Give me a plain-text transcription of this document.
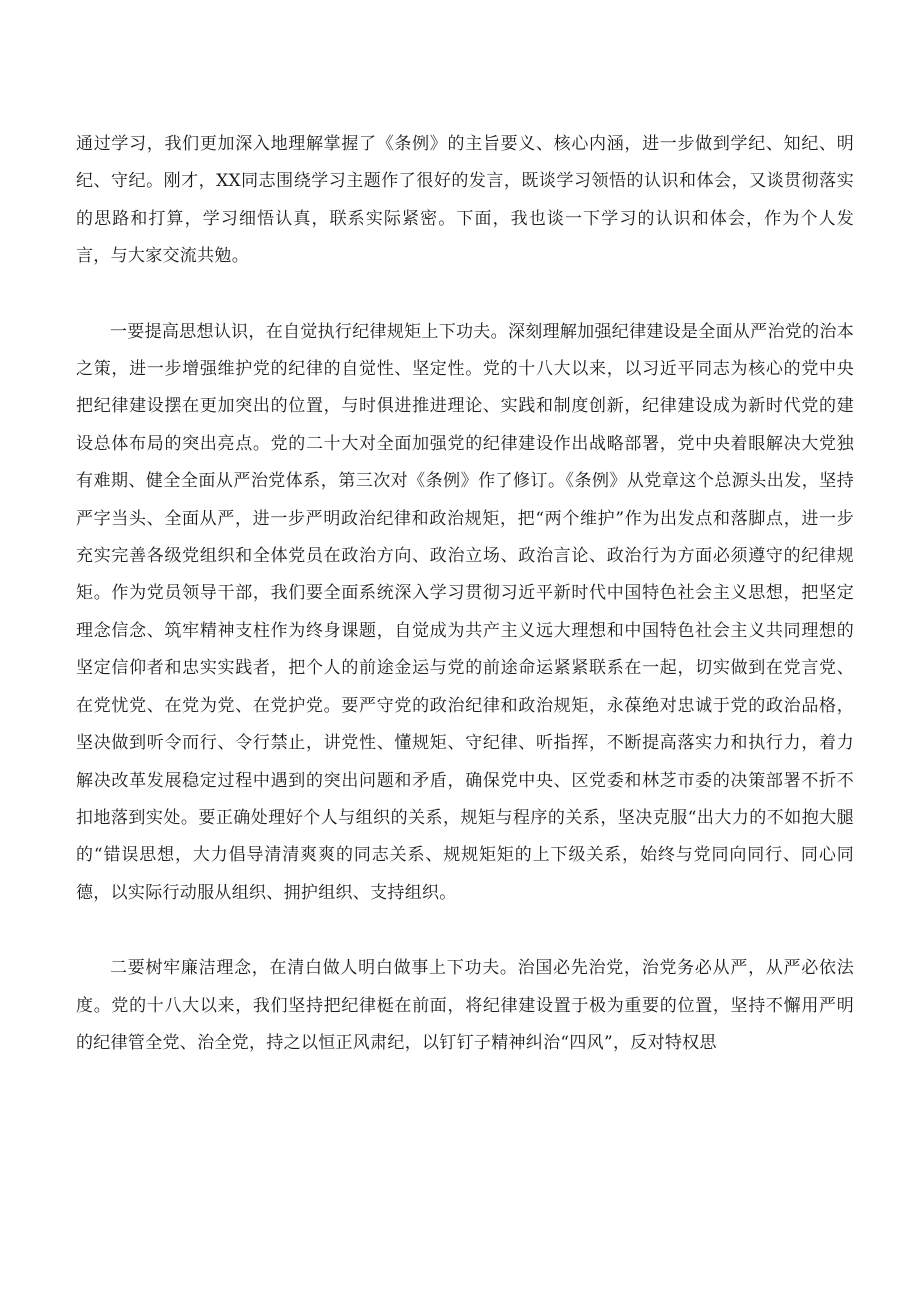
通过学习，我们更加深入地理解掌握了《条例》的主旨要义、核心内涵，进一步做到学纪、知纪、明纪、守纪。刚才，XX同志围绕学习主题作了很好的发言，既谈学习领悟的认识和体会，又谈贯彻落实的思路和打算，学习细悟认真，联系实际紧密。下面，我也谈一下学习的认识和体会，作为个人发言，与大家交流共勉。

一要提高思想认识，在自觉执行纪律规矩上下功夫。深刻理解加强纪律建设是全面从严治党的治本之策，进一步增强维护党的纪律的自觉性、坚定性。党的十八大以来，以习近平同志为核心的党中央把纪律建设摆在更加突出的位置，与时俱进推进理论、实践和制度创新，纪律建设成为新时代党的建设总体布局的突出亮点。党的二十大对全面加强党的纪律建设作出战略部署，党中央着眼解决大党独有难期、健全全面从严治党体系，第三次对《条例》作了修订。《条例》从党章这个总源头出发，坚持严字当头、全面从严，进一步严明政治纪律和政治规矩，把“两个维护”作为出发点和落脚点，进一步充实完善各级党组织和全体党员在政治方向、政治立场、政治言论、政治行为方面必须遵守的纪律规矩。作为党员领导干部，我们要全面系统深入学习贯彻习近平新时代中国特色社会主义思想，把坚定理念信念、筑牢精神支柱作为终身课题，自觉成为共产主义远大理想和中国特色社会主义共同理想的坚定信仰者和忠实实践者，把个人的前途金运与党的前途命运紧紧联系在一起，切实做到在党言党、在党忧党、在党为党、在党护党。要严守党的政治纪律和政治规矩，永葆绝对忠诚于党的政治品格，坚决做到听令而行、令行禁止，讲党性、懂规矩、守纪律、听指挥，不断提高落实力和执行力，着力解决改革发展稳定过程中遇到的突出问题和矛盾，确保党中央、区党委和林芝市委的决策部署不折不扣地落到实处。要正确处理好个人与组织的关系，规矩与程序的关系，坚决克服“出大力的不如抱大腿的“错误思想，大力倡导清清爽爽的同志关系、规规矩矩的上下级关系，始终与党同向同行、同心同德，以实际行动服从组织、拥护组织、支持组织。

二要树牢廉洁理念，在清白做人明白做事上下功夫。治国必先治党，治党务必从严，从严必依法度。党的十八大以来，我们坚持把纪律梃在前面，将纪律建设置于极为重要的位置，坚持不懈用严明的纪律管全党、治全党，持之以恒正风肃纪，以钉钉子精神纠治“四风”，反对特权思
